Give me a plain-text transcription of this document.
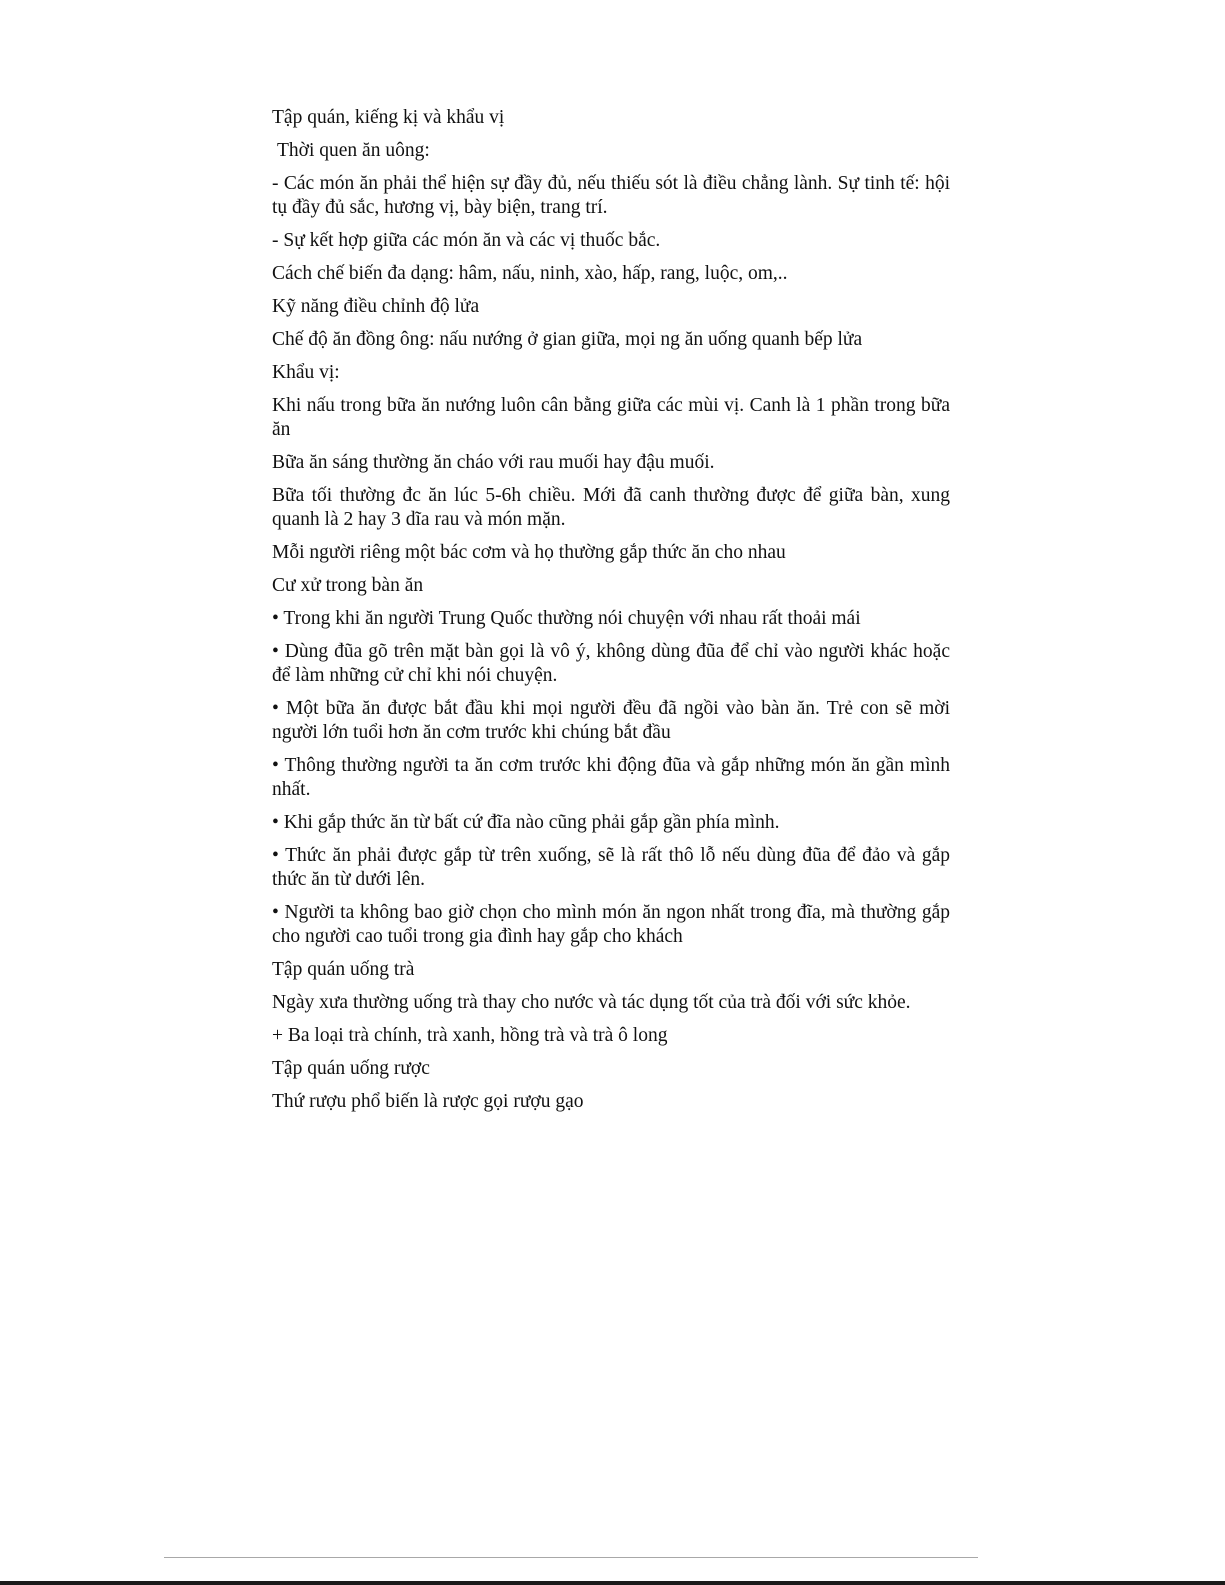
Tập quán, kiếng kị và khẩu vị

Thời quen ăn uông:

- Các món ăn phải thể hiện sự đầy đủ, nếu thiếu sót là điều chẳng lành. Sự tinh tế: hội tụ đầy đủ sắc, hương vị, bày biện, trang trí.

- Sự kết hợp giữa các món ăn và các vị thuốc bắc.

Cách chế biến đa dạng: hâm, nấu, ninh, xào, hấp, rang, luộc, om,..

Kỹ năng điều chỉnh độ lửa

Chế độ ăn đồng ông: nấu nướng ở gian giữa, mọi ng ăn uống quanh bếp lửa

Khẩu vị:

Khi nấu trong bữa ăn nướng luôn cân bằng giữa các mùi vị. Canh là 1 phần trong bữa ăn

Bữa ăn sáng thường ăn cháo với rau muối hay đậu muối.

Bữa tối thường đc ăn lúc 5-6h chiều. Mới đã canh thường được để giữa bàn, xung quanh là 2 hay 3 dĩa rau và món mặn.

Mỗi người riêng một bác cơm và họ thường gắp thức ăn cho nhau

Cư xử trong bàn ăn

• Trong khi ăn người Trung Quốc thường nói chuyện với nhau rất thoải mái

• Dùng đũa gõ trên mặt bàn gọi là vô ý, không dùng đũa để chỉ vào người khác hoặc để làm những cử chỉ khi nói chuyện.

• Một bữa ăn được bắt đầu khi mọi người đều đã ngồi vào bàn ăn. Trẻ con sẽ mời người lớn tuổi hơn ăn cơm trước khi chúng bắt đầu

• Thông thường người ta ăn cơm trước khi động đũa và gắp những món ăn gần mình nhất.

• Khi gắp thức ăn từ bất cứ đĩa nào cũng phải gắp gần phía mình.

• Thức ăn phải được gắp từ trên xuống, sẽ là rất thô lỗ nếu dùng đũa để đảo và gắp thức ăn từ dưới lên.

• Người ta không bao giờ chọn cho mình món ăn ngon nhất trong đĩa, mà thường gắp cho người cao tuổi trong gia đình hay gắp cho khách

Tập quán uống trà

Ngày xưa thường uống trà thay cho nước và tác dụng tốt của trà đối với sức khỏe.

+ Ba loại trà chính, trà xanh, hồng trà và trà ô long

Tập quán uống rược

Thứ rượu phổ biến là rược gọi rượu gạo
